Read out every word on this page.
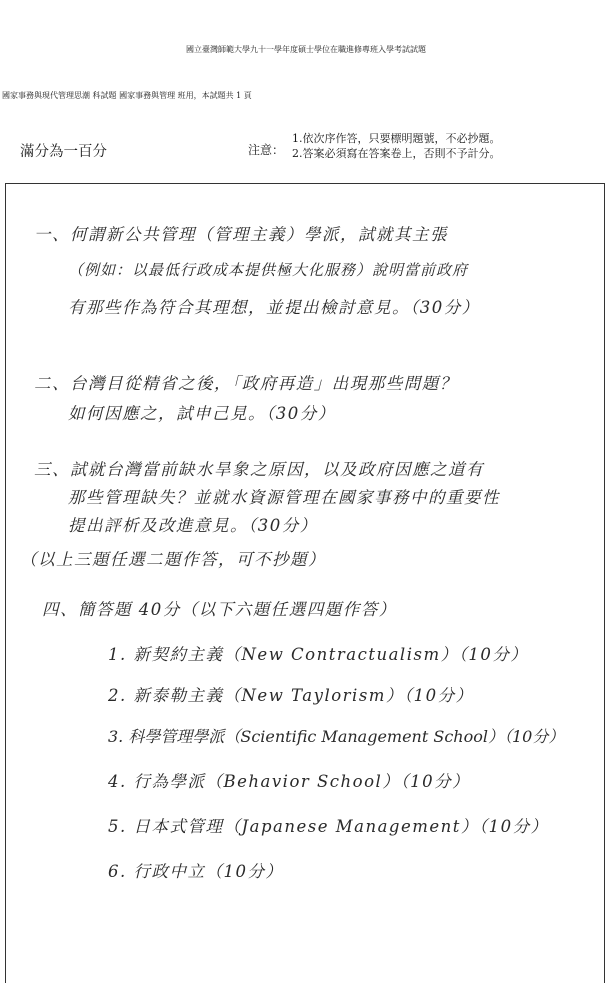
國立臺灣師範大學九十一學年度碩士學位在職進修專班入學考試試題
國家事務與現代管理思潮 科試題 國家事務與管理 班用，本試題共 1 頁
滿分為一百分	注意：
1.依次序作答，只要標明題號，不必抄題。
2.答案必須寫在答案卷上，否則不予計分。
一、何謂新公共管理（管理主義）學派，試就其主張
（例如：以最低行政成本提供極大化服務）說明當前政府
有那些作為符合其理想，並提出檢討意見。（30分）
二、台灣目從精省之後，「政府再造」出現那些問題？
如何因應之，試申己見。（30分）
三、試就台灣當前缺水旱象之原因，以及政府因應之道有
那些管理缺失？並就水資源管理在國家事務中的重要性
提出評析及改進意見。（30分）
（以上三題任選二題作答，可不抄題）
四、簡答題 40分（以下六題任選四題作答）
1. 新契約主義（New Contractualism）（10分）
2. 新泰勒主義（New Taylorism）（10分）
3. 科學管理學派（Scientific Management School）（10分）
4. 行為學派（Behavior School）（10分）
5. 日本式管理（Japanese Management）（10分）
6. 行政中立（10分）
